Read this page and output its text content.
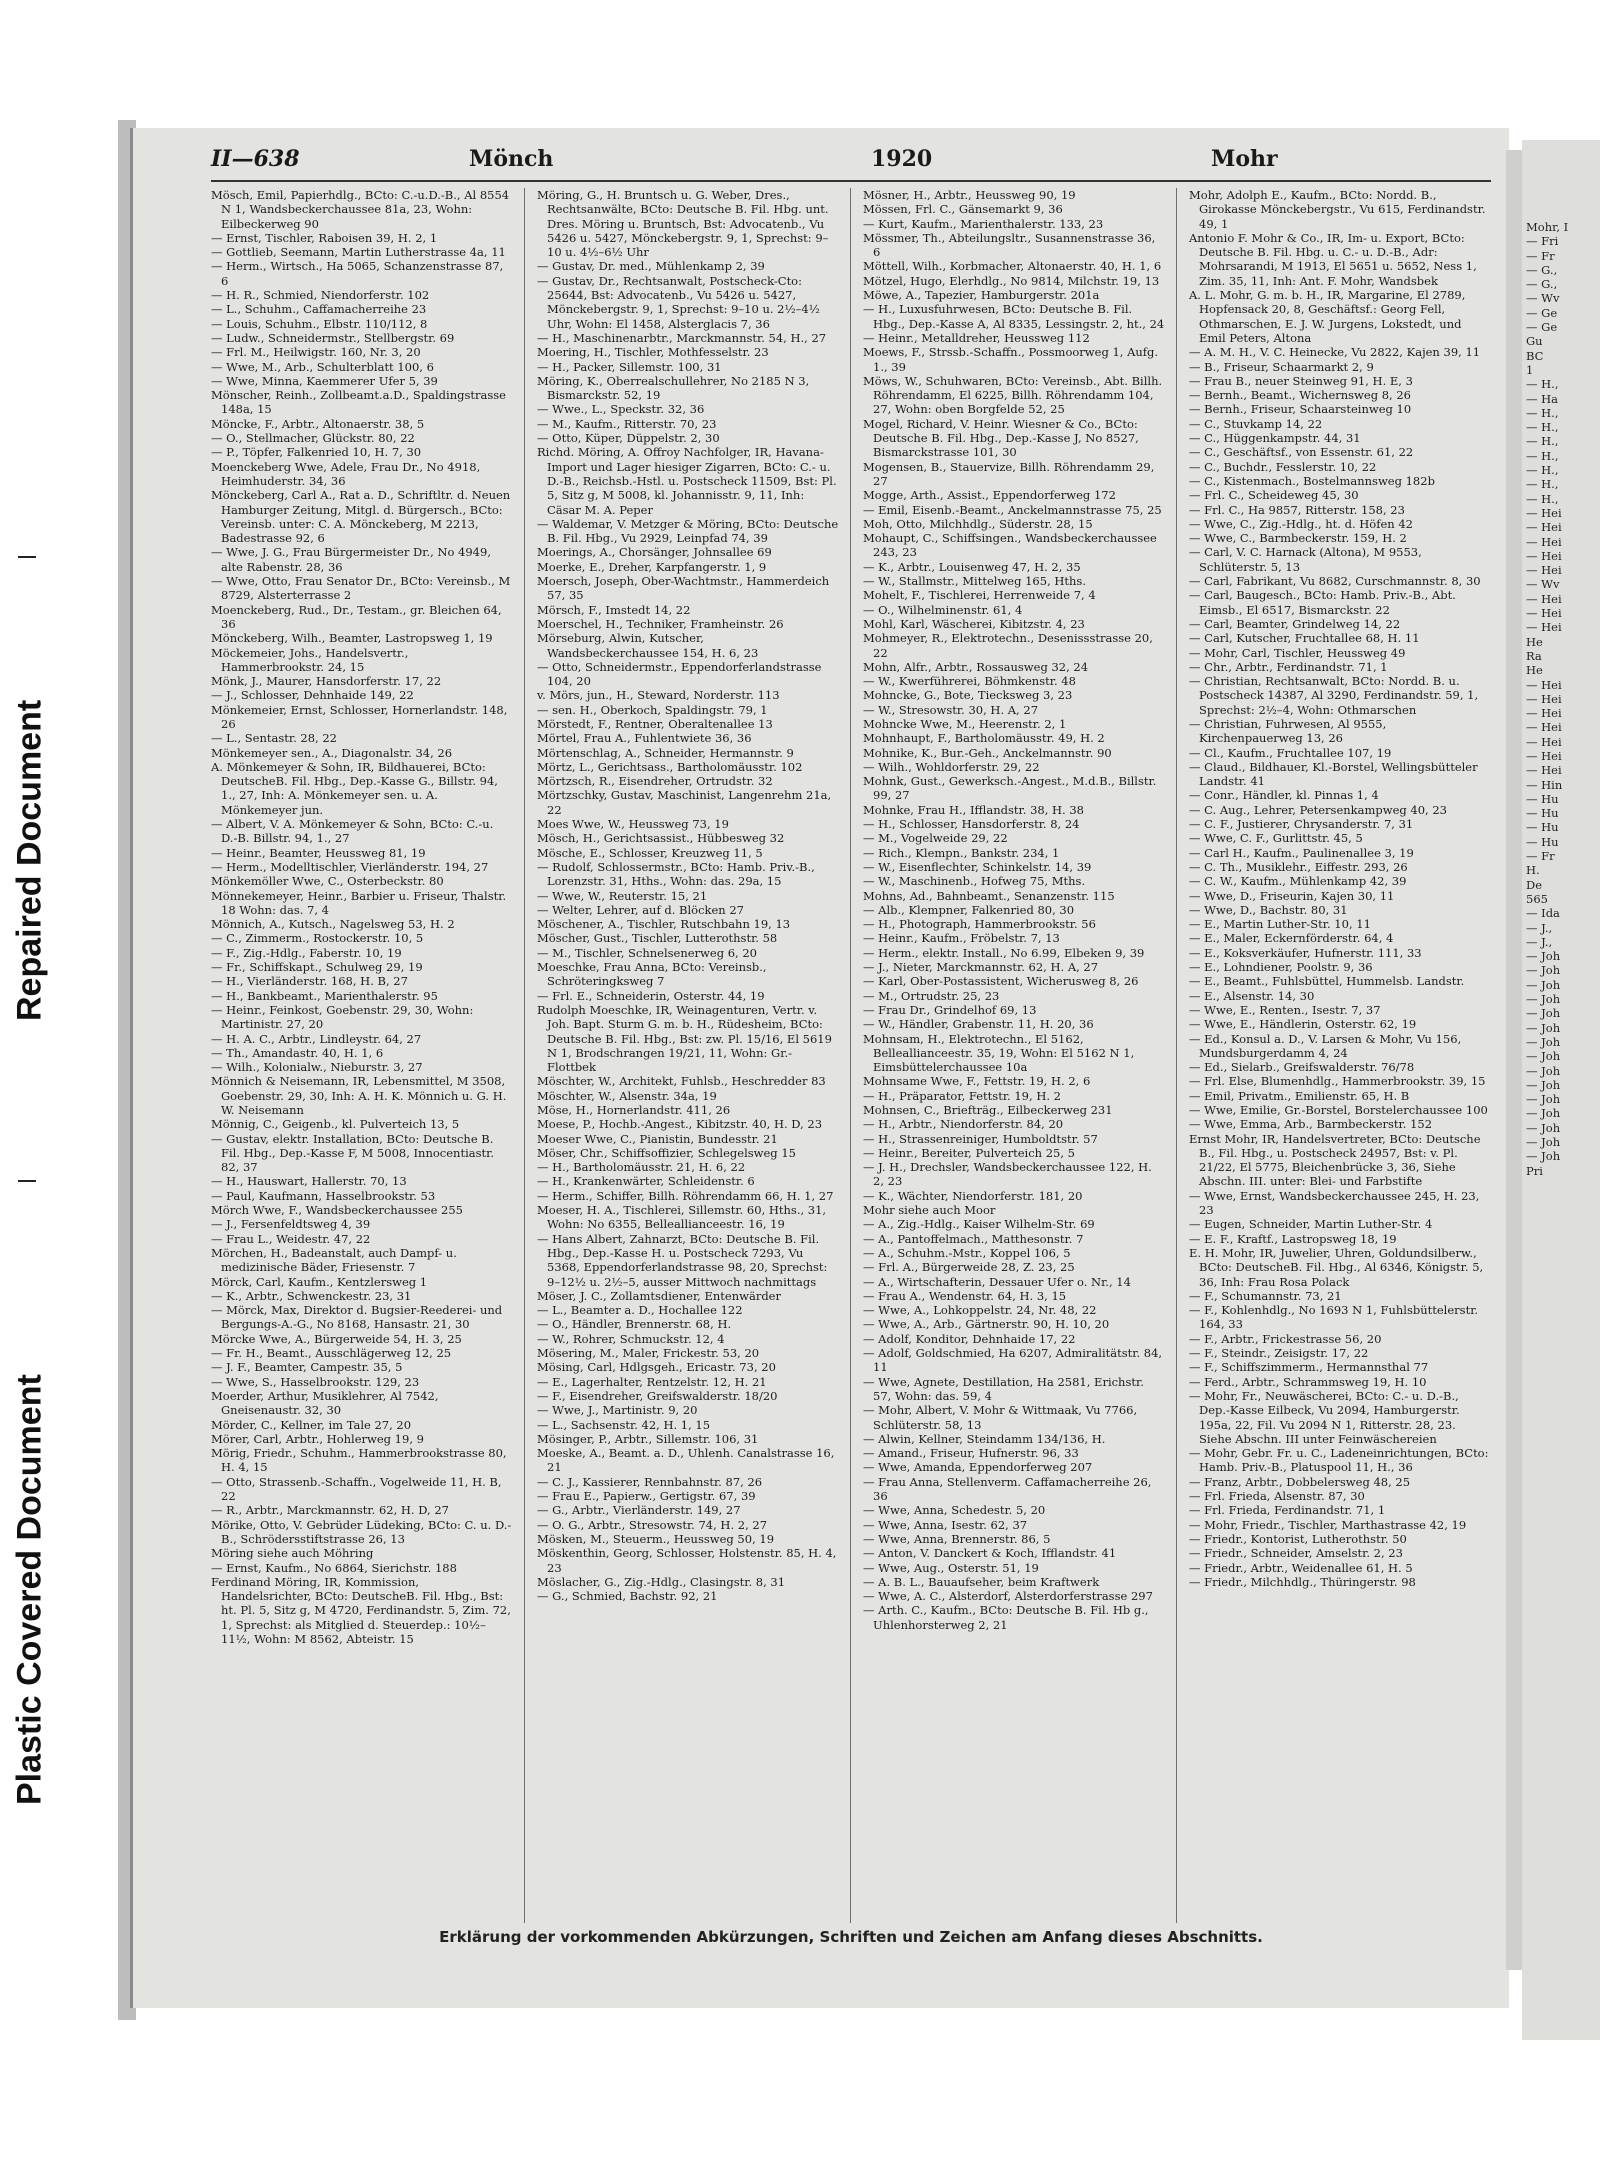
Repaired Document
Plastic Covered Document
II—638	Mönch	1920	Mohr

Mösch, Emil, Papierhdlg., BCto: C.-u.D.-B., Al 8554 N 1, Wandsbeckerchaussee 81a, 23, Wohn: Eilbeckerweg 90

— Ernst, Tischler, Raboisen 39, H. 2, 1

— Gottlieb, Seemann, Martin Lutherstrasse 4a, 11

— Herm., Wirtsch., Ha 5065, Schanzenstrasse 87, 6

— H. R., Schmied, Niendorferstr. 102

— L., Schuhm., Caffamacherreihe 23

— Louis, Schuhm., Elbstr. 110/112, 8

— Ludw., Schneidermstr., Stellbergstr. 69

— Frl. M., Heilwigstr. 160, Nr. 3, 20

— Wwe, M., Arb., Schulterblatt 100, 6

— Wwe, Minna, Kaemmerer Ufer 5, 39

Mönscher, Reinh., Zollbeamt.a.D., Spaldingstrasse 148a, 15

Möncke, F., Arbtr., Altonaerstr. 38, 5

— O., Stellmacher, Glückstr. 80, 22

— P., Töpfer, Falkenried 10, H. 7, 30

Moenckeberg Wwe, Adele, Frau Dr., No 4918, Heimhuderstr. 34, 36

Mönckeberg, Carl A., Rat a. D., Schriftltr. d. Neuen Hamburger Zeitung, Mitgl. d. Bürgersch., BCto: Vereinsb. unter: C. A. Mönckeberg, M 2213, Badestrasse 92, 6

— Wwe, J. G., Frau Bürgermeister Dr., No 4949, alte Rabenstr. 28, 36

— Wwe, Otto, Frau Senator Dr., BCto: Vereinsb., M 8729, Alsterterrasse 2

Moenckeberg, Rud., Dr., Testam., gr. Bleichen 64, 36

Mönckeberg, Wilh., Beamter, Lastropsweg 1, 19

Möckemeier, Johs., Handelsvertr., Hammerbrookstr. 24, 15

Mönk, J., Maurer, Hansdorferstr. 17, 22

— J., Schlosser, Dehnhaide 149, 22

Mönkemeier, Ernst, Schlosser, Hornerlandstr. 148, 26

— L., Sentastr. 28, 22

Mönkemeyer sen., A., Diagonalstr. 34, 26

A. Mönkemeyer & Sohn, IR, Bildhauerei, BCto: DeutscheB. Fil. Hbg., Dep.-Kasse G., Billstr. 94, 1., 27, Inh: A. Mönkemeyer sen. u. A. Mönkemeyer jun.

— Albert, V. A. Mönkemeyer & Sohn, BCto: C.-u. D.-B. Billstr. 94, 1., 27

— Heinr., Beamter, Heussweg 81, 19

— Herm., Modelltischler, Vierländerstr. 194, 27

Mönkemöller Wwe, C., Osterbeckstr. 80

Mönnekemeyer, Heinr., Barbier u. Friseur, Thalstr. 18 Wohn: das. 7, 4

Mönnich, A., Kutsch., Nagelsweg 53, H. 2

— C., Zimmerm., Rostockerstr. 10, 5

— F., Zig.-Hdlg., Faberstr. 10, 19

— Fr., Schiffskapt., Schulweg 29, 19

— H., Vierländerstr. 168, H. B, 27

— H., Bankbeamt., Marienthalerstr. 95

— Heinr., Feinkost, Goebenstr. 29, 30, Wohn: Martinistr. 27, 20

— H. A. C., Arbtr., Lindleystr. 64, 27

— Th., Amandastr. 40, H. 1, 6

— Wilh., Kolonialw., Nieburstr. 3, 27

Mönnich & Neisemann, IR, Lebensmittel, M 3508, Goebenstr. 29, 30, Inh: A. H. K. Mönnich u. G. H. W. Neisemann

Mönnig, C., Geigenb., kl. Pulverteich 13, 5

— Gustav, elektr. Installation, BCto: Deutsche B. Fil. Hbg., Dep.-Kasse F, M 5008, Innocentiastr. 82, 37

— H., Hauswart, Hallerstr. 70, 13

— Paul, Kaufmann, Hasselbrookstr. 53

Mörch Wwe, F., Wandsbeckerchaussee 255

— J., Fersenfeldtsweg 4, 39

— Frau L., Weidestr. 47, 22

Mörchen, H., Badeanstalt, auch Dampf- u. medizinische Bäder, Friesenstr. 7

Mörck, Carl, Kaufm., Kentzlersweg 1

— K., Arbtr., Schwenckestr. 23, 31

— Mörck, Max, Direktor d. Bugsier-Reederei- und Bergungs-A.-G., No 8168, Hansastr. 21, 30

Mörcke Wwe, A., Bürgerweide 54, H. 3, 25

— Fr. H., Beamt., Ausschlägerweg 12, 25

— J. F., Beamter, Campestr. 35, 5

— Wwe, S., Hasselbrookstr. 129, 23

Moerder, Arthur, Musiklehrer, Al 7542, Gneisenaustr. 32, 30

Mörder, C., Kellner, im Tale 27, 20

Mörer, Carl, Arbtr., Hohlerweg 19, 9

Mörig, Friedr., Schuhm., Hammerbrookstrasse 80, H. 4, 15

— Otto, Strassenb.-Schaffn., Vogelweide 11, H. B, 22

— R., Arbtr., Marckmannstr. 62, H. D, 27

Mörike, Otto, V. Gebrüder Lüdeking, BCto: C. u. D.-B., Schrödersstiftstrasse 26, 13

Möring siehe auch Möhring

— Ernst, Kaufm., No 6864, Sierichstr. 188

Ferdinand Möring, IR, Kommission, Handelsrichter, BCto: DeutscheB. Fil. Hbg., Bst: ht. Pl. 5, Sitz g, M 4720, Ferdinandstr. 5, Zim. 72, 1, Sprechst: als Mitglied d. Steuerdep.: 10½–11½, Wohn: M 8562, Abteistr. 15

Möring, G., H. Bruntsch u. G. Weber, Dres., Rechtsanwälte, BCto: Deutsche B. Fil. Hbg. unt. Dres. Möring u. Bruntsch, Bst: Advocatenb., Vu 5426 u. 5427, Mönckebergstr. 9, 1, Sprechst: 9–10 u. 4½–6½ Uhr

— Gustav, Dr. med., Mühlenkamp 2, 39

— Gustav, Dr., Rechtsanwalt, Postscheck-Cto: 25644, Bst: Advocatenb., Vu 5426 u. 5427, Mönckebergstr. 9, 1, Sprechst: 9–10 u. 2½–4½ Uhr, Wohn: El 1458, Alsterglacis 7, 36

— H., Maschinenarbtr., Marckmannstr. 54, H., 27

Moering, H., Tischler, Mothfesselstr. 23

— H., Packer, Sillemstr. 100, 31

Möring, K., Oberrealschullehrer, No 2185 N 3, Bismarckstr. 52, 19

— Wwe., L., Speckstr. 32, 36

— M., Kaufm., Ritterstr. 70, 23

— Otto, Küper, Düppelstr. 2, 30

Richd. Möring, A. Offroy Nachfolger, IR, Havana-Import und Lager hiesiger Zigarren, BCto: C.- u. D.-B., Reichsb.-Hstl. u. Postscheck 11509, Bst: Pl. 5, Sitz g, M 5008, kl. Johannisstr. 9, 11, Inh: Cäsar M. A. Peper

— Waldemar, V. Metzger & Möring, BCto: Deutsche B. Fil. Hbg., Vu 2929, Leinpfad 74, 39

Moerings, A., Chorsänger, Johnsallee 69

Moerke, E., Dreher, Karpfangerstr. 1, 9

Moersch, Joseph, Ober-Wachtmstr., Hammerdeich 57, 35

Mörsch, F., Imstedt 14, 22

Moerschel, H., Techniker, Framheinstr. 26

Mörseburg, Alwin, Kutscher, Wandsbeckerchaussee 154, H. 6, 23

— Otto, Schneidermstr., Eppendorferlandstrasse 104, 20

v. Mörs, jun., H., Steward, Norderstr. 113

— sen. H., Oberkoch, Spaldingstr. 79, 1

Mörstedt, F., Rentner, Oberaltenallee 13

Mörtel, Frau A., Fuhlentwiete 36, 36

Mörtenschlag, A., Schneider, Hermannstr. 9

Mörtz, L., Gerichtsass., Bartholomäusstr. 102

Mörtzsch, R., Eisendreher, Ortrudstr. 32

Mörtzschky, Gustav, Maschinist, Langenrehm 21a, 22

Moes Wwe, W., Heussweg 73, 19

Mösch, H., Gerichtsassist., Hübbesweg 32

Mösche, E., Schlosser, Kreuzweg 11, 5

— Rudolf, Schlossermstr., BCto: Hamb. Priv.-B., Lorenzstr. 31, Hths., Wohn: das. 29a, 15

— Wwe, W., Reuterstr. 15, 21

— Welter, Lehrer, auf d. Blöcken 27

Möschener, A., Tischler, Rutschbahn 19, 13

Möscher, Gust., Tischler, Lutterothstr. 58

— M., Tischler, Schnelsenerweg 6, 20

Moeschke, Frau Anna, BCto: Vereinsb., Schröteringksweg 7

— Frl. E., Schneiderin, Osterstr. 44, 19

Rudolph Moeschke, IR, Weinagenturen, Vertr. v. Joh. Bapt. Sturm G. m. b. H., Rüdesheim, BCto: Deutsche B. Fil. Hbg., Bst: zw. Pl. 15/16, El 5619 N 1, Brodschrangen 19/21, 11, Wohn: Gr.-Flottbek

Möschter, W., Architekt, Fuhlsb., Heschredder 83

Möschter, W., Alsenstr. 34a, 19

Möse, H., Hornerlandstr. 411, 26

Moese, P., Hochb.-Angest., Kibitzstr. 40, H. D, 23

Moeser Wwe, C., Pianistin, Bundesstr. 21

Möser, Chr., Schiffsoffizier, Schlegelsweg 15

— H., Bartholomäusstr. 21, H. 6, 22

— H., Krankenwärter, Schleidenstr. 6

— Herm., Schiffer, Billh. Röhrendamm 66, H. 1, 27

Moeser, H. A., Tischlerei, Sillemstr. 60, Hths., 31, Wohn: No 6355, Belleallianceestr. 16, 19

— Hans Albert, Zahnarzt, BCto: Deutsche B. Fil. Hbg., Dep.-Kasse H. u. Postscheck 7293, Vu 5368, Eppendorferlandstrasse 98, 20, Sprechst: 9–12½ u. 2½–5, ausser Mittwoch nachmittags

Möser, J. C., Zollamtsdiener, Entenwärder

— L., Beamter a. D., Hochallee 122

— O., Händler, Brennerstr. 68, H.

— W., Rohrer, Schmuckstr. 12, 4

Mösering, M., Maler, Frickestr. 53, 20

Mösing, Carl, Hdlgsgeh., Ericastr. 73, 20

— E., Lagerhalter, Rentzelstr. 12, H. 21

— F., Eisendreher, Greifswalderstr. 18/20

— Wwe, J., Martinistr. 9, 20

— L., Sachsenstr. 42, H. 1, 15

Mösinger, P., Arbtr., Sillemstr. 106, 31

Moeske, A., Beamt. a. D., Uhlenh. Canalstrasse 16, 21

— C. J., Kassierer, Rennbahnstr. 87, 26

— Frau E., Papierw., Gertigstr. 67, 39

— G., Arbtr., Vierländerstr. 149, 27

— O. G., Arbtr., Stresowstr. 74, H. 2, 27

Mösken, M., Steuerm., Heussweg 50, 19

Möskenthin, Georg, Schlosser, Holstenstr. 85, H. 4, 23

Möslacher, G., Zig.-Hdlg., Clasingstr. 8, 31

— G., Schmied, Bachstr. 92, 21

Mösner, H., Arbtr., Heussweg 90, 19

Mössen, Frl. C., Gänsemarkt 9, 36

— Kurt, Kaufm., Marienthalerstr. 133, 23

Mössmer, Th., Abteilungsltr., Susannenstrasse 36, 6

Möttell, Wilh., Korbmacher, Altonaerstr. 40, H. 1, 6

Mötzel, Hugo, Elerhdlg., No 9814, Milchstr. 19, 13

Möwe, A., Tapezier, Hamburgerstr. 201a

— H., Luxusfuhrwesen, BCto: Deutsche B. Fil. Hbg., Dep.-Kasse A, Al 8335, Lessingstr. 2, ht., 24

— Heinr., Metalldreher, Heussweg 112

Moews, F., Strssb.-Schaffn., Possmoorweg 1, Aufg. 1., 39

Möws, W., Schuhwaren, BCto: Vereinsb., Abt. Billh. Röhrendamm, El 6225, Billh. Röhrendamm 104, 27, Wohn: oben Borgfelde 52, 25

Mogel, Richard, V. Heinr. Wiesner & Co., BCto: Deutsche B. Fil. Hbg., Dep.-Kasse J, No 8527, Bismarckstrasse 101, 30

Mogensen, B., Stauervize, Billh. Röhrendamm 29, 27

Mogge, Arth., Assist., Eppendorferweg 172

— Emil, Eisenb.-Beamt., Anckelmannstrasse 75, 25

Moh, Otto, Milchhdlg., Süderstr. 28, 15

Mohaupt, C., Schiffsingen., Wandsbeckerchaussee 243, 23

— K., Arbtr., Louisenweg 47, H. 2, 35

— W., Stallmstr., Mittelweg 165, Hths.

Mohelt, F., Tischlerei, Herrenweide 7, 4

— O., Wilhelminenstr. 61, 4

Mohl, Karl, Wäscherei, Kibitzstr. 4, 23

Mohmeyer, R., Elektrotechn., Desenissstrasse 20, 22

Mohn, Alfr., Arbtr., Rossausweg 32, 24

— W., Kwerführerei, Böhmkenstr. 48

Mohncke, G., Bote, Tiecksweg 3, 23

— W., Stresowstr. 30, H. A, 27

Mohncke Wwe, M., Heerenstr. 2, 1

Mohnhaupt, F., Bartholomäusstr. 49, H. 2

Mohnike, K., Bur.-Geh., Anckelmannstr. 90

— Wilh., Wohldorferstr. 29, 22

Mohnk, Gust., Gewerksch.-Angest., M.d.B., Billstr. 99, 27

Mohnke, Frau H., Ifflandstr. 38, H. 38

— H., Schlosser, Hansdorferstr. 8, 24

— M., Vogelweide 29, 22

— Rich., Klempn., Bankstr. 234, 1

— W., Eisenflechter, Schinkelstr. 14, 39

— W., Maschinenb., Hofweg 75, Mths.

Mohns, Ad., Bahnbeamt., Senanzenstr. 115

— Alb., Klempner, Falkenried 80, 30

— H., Photograph, Hammerbrookstr. 56

— Heinr., Kaufm., Fröbelstr. 7, 13

— Herm., elektr. Install., No 6.99, Elbeken 9, 39

— J., Nieter, Marckmannstr. 62, H. A, 27

— Karl, Ober-Postassistent, Wicherusweg 8, 26

— M., Ortrudstr. 25, 23

— Frau Dr., Grindelhof 69, 13

— W., Händler, Grabenstr. 11, H. 20, 36

Mohnsam, H., Elektrotechn., El 5162, Belleallianceestr. 35, 19, Wohn: El 5162 N 1, Eimsbüttelerchaussee 10a

Mohnsame Wwe, F., Fettstr. 19, H. 2, 6

— H., Präparator, Fettstr. 19, H. 2

Mohnsen, C., Briefträg., Eilbeckerweg 231

— H., Arbtr., Niendorferstr. 84, 20

— H., Strassenreiniger, Humboldtstr. 57

— Heinr., Bereiter, Pulverteich 25, 5

— J. H., Drechsler, Wandsbeckerchaussee 122, H. 2, 23

— K., Wächter, Niendorferstr. 181, 20

Mohr siehe auch Moor

— A., Zig.-Hdlg., Kaiser Wilhelm-Str. 69

— A., Pantoffelmach., Matthesonstr. 7

— A., Schuhm.-Mstr., Koppel 106, 5

— Frl. A., Bürgerweide 28, Z. 23, 25

— A., Wirtschafterin, Dessauer Ufer o. Nr., 14

— Frau A., Wendenstr. 64, H. 3, 15

— Wwe, A., Lohkoppelstr. 24, Nr. 48, 22

— Wwe, A., Arb., Gärtnerstr. 90, H. 10, 20

— Adolf, Konditor, Dehnhaide 17, 22

— Adolf, Goldschmied, Ha 6207, Admiralitätstr. 84, 11

— Wwe, Agnete, Destillation, Ha 2581, Erichstr. 57, Wohn: das. 59, 4

— Mohr, Albert, V. Mohr & Wittmaak, Vu 7766, Schlüterstr. 58, 13

— Alwin, Kellner, Steindamm 134/136, H.

— Amand., Friseur, Hufnerstr. 96, 33

— Wwe, Amanda, Eppendorferweg 207

— Frau Anna, Stellenverm. Caffamacherreihe 26, 36

— Wwe, Anna, Schedestr. 5, 20

— Wwe, Anna, Isestr. 62, 37

— Wwe, Anna, Brennerstr. 86, 5

— Anton, V. Danckert & Koch, Ifflandstr. 41

— Wwe, Aug., Osterstr. 51, 19

— A. B. L., Bauaufseher, beim Kraftwerk

— Wwe, A. C., Alsterdorf, Alsterdorferstrasse 297

— Arth. C., Kaufm., BCto: Deutsche B. Fil. Hb g., Uhlenhorsterweg 2, 21

Mohr, Adolph E., Kaufm., BCto: Nordd. B., Girokasse Mönckebergstr., Vu 615, Ferdinandstr. 49, 1

Antonio F. Mohr & Co., IR, Im- u. Export, BCto: Deutsche B. Fil. Hbg. u. C.- u. D.-B., Adr: Mohrsarandi, M 1913, El 5651 u. 5652, Ness 1, Zim. 35, 11, Inh: Ant. F. Mohr, Wandsbek

A. L. Mohr, G. m. b. H., IR, Margarine, El 2789, Hopfensack 20, 8, Geschäftsf.: Georg Fell, Othmarschen, E. J. W. Jurgens, Lokstedt, und Emil Peters, Altona

— A. M. H., V. C. Heinecke, Vu 2822, Kajen 39, 11

— B., Friseur, Schaarmarkt 2, 9

— Frau B., neuer Steinweg 91, H. E, 3

— Bernh., Beamt., Wichernsweg 8, 26

— Bernh., Friseur, Schaarsteinweg 10

— C., Stuvkamp 14, 22

— C., Hüggenkampstr. 44, 31

— C., Geschäftsf., von Essenstr. 61, 22

— C., Buchdr., Fesslerstr. 10, 22

— C., Kistenmach., Bostelmannsweg 182b

— Frl. C., Scheideweg 45, 30

— Frl. C., Ha 9857, Ritterstr. 158, 23

— Wwe, C., Zig.-Hdlg., ht. d. Höfen 42

— Wwe, C., Barmbeckerstr. 159, H. 2

— Carl, V. C. Harnack (Altona), M 9553, Schlüterstr. 5, 13

— Carl, Fabrikant, Vu 8682, Curschmannstr. 8, 30

— Carl, Baugesch., BCto: Hamb. Priv.-B., Abt. Eimsb., El 6517, Bismarckstr. 22

— Carl, Beamter, Grindelweg 14, 22

— Carl, Kutscher, Fruchtallee 68, H. 11

— Mohr, Carl, Tischler, Heussweg 49

— Chr., Arbtr., Ferdinandstr. 71, 1

— Christian, Rechtsanwalt, BCto: Nordd. B. u. Postscheck 14387, Al 3290, Ferdinandstr. 59, 1, Sprechst: 2½–4, Wohn: Othmarschen

— Christian, Fuhrwesen, Al 9555, Kirchenpauerweg 13, 26

— Cl., Kaufm., Fruchtallee 107, 19

— Claud., Bildhauer, Kl.-Borstel, Wellingsbütteler Landstr. 41

— Conr., Händler, kl. Pinnas 1, 4

— C. Aug., Lehrer, Petersenkampweg 40, 23

— C. F., Justierer, Chrysanderstr. 7, 31

— Wwe, C. F., Gurlittstr. 45, 5

— Carl H., Kaufm., Paulinenallee 3, 19

— C. Th., Musiklehr., Eiffestr. 293, 26

— C. W., Kaufm., Mühlenkamp 42, 39

— Wwe, D., Friseurin, Kajen 30, 11

— Wwe, D., Bachstr. 80, 31

— E., Martin Luther-Str. 10, 11

— E., Maler, Eckernförderstr. 64, 4

— E., Koksverkäufer, Hufnerstr. 111, 33

— E., Lohndiener, Poolstr. 9, 36

— E., Beamt., Fuhlsbüttel, Hummelsb. Landstr.

— E., Alsenstr. 14, 30

— Wwe, E., Renten., Isestr. 7, 37

— Wwe, E., Händlerin, Osterstr. 62, 19

— Ed., Konsul a. D., V. Larsen & Mohr, Vu 156, Mundsburgerdamm 4, 24

— Ed., Sielarb., Greifswalderstr. 76/78

— Frl. Else, Blumenhdlg., Hammerbrookstr. 39, 15

— Emil, Privatm., Emilienstr. 65, H. B

— Wwe, Emilie, Gr.-Borstel, Borstelerchaussee 100

— Wwe, Emma, Arb., Barmbeckerstr. 152

Ernst Mohr, IR, Handelsvertreter, BCto: Deutsche B., Fil. Hbg., u. Postscheck 24957, Bst: v. Pl. 21/22, El 5775, Bleichenbrücke 3, 36, Siehe Abschn. III. unter: Blei- und Farbstifte

— Wwe, Ernst, Wandsbeckerchaussee 245, H. 23, 23

— Eugen, Schneider, Martin Luther-Str. 4

— E. F., Kraftf., Lastropsweg 18, 19

E. H. Mohr, IR, Juwelier, Uhren, Goldundsilberw., BCto: DeutscheB. Fil. Hbg., Al 6346, Königstr. 5, 36, Inh: Frau Rosa Polack

— F., Schumannstr. 73, 21

— F., Kohlenhdlg., No 1693 N 1, Fuhlsbüttelerstr. 164, 33

— F., Arbtr., Frickestrasse 56, 20

— F., Steindr., Zeisigstr. 17, 22

— F., Schiffszimmerm., Hermannsthal 77

— Ferd., Arbtr., Schrammsweg 19, H. 10

— Mohr, Fr., Neuwäscherei, BCto: C.- u. D.-B., Dep.-Kasse Eilbeck, Vu 2094, Hamburgerstr. 195a, 22, Fil. Vu 2094 N 1, Ritterstr. 28, 23. Siehe Abschn. III unter Feinwäschereien

— Mohr, Gebr. Fr. u. C., Ladeneinrichtungen, BCto: Hamb. Priv.-B., Platuspool 11, H., 36

— Franz, Arbtr., Dobbelersweg 48, 25

— Frl. Frieda, Alsenstr. 87, 30

— Frl. Frieda, Ferdinandstr. 71, 1

— Mohr, Friedr., Tischler, Marthastrasse 42, 19

— Friedr., Kontorist, Lutherothstr. 50

— Friedr., Schneider, Amselstr. 2, 23

— Friedr., Arbtr., Weidenallee 61, H. 5

— Friedr., Milchhdlg., Thüringerstr. 98

Erklärung der vorkommenden Abkürzungen, Schriften und Zeichen am Anfang dieses Abschnitts.
Mohr, I
— Fri
— Fr
— G.,
— G.,
— Wv
— Ge
— Ge
Gu
BC
1
— H.,
— Ha
— H.,
— H.,
— H.,
— H.,
— H.,
— H.,
— H.,
— Hei
— Hei
— Hei
— Hei
— Hei
— Wv
— Hei
— Hei
— Hei
He
Ra
He
— Hei
— Hei
— Hei
— Hei
— Hei
— Hei
— Hei
— Hin
— Hu
— Hu
— Hu
— Hu
— Fr
H.
De
565
— Ida
— J.,
— J.,
— Joh
— Joh
— Joh
— Joh
— Joh
— Joh
— Joh
— Joh
— Joh
— Joh
— Joh
— Joh
— Joh
— Joh
— Joh
Pri
